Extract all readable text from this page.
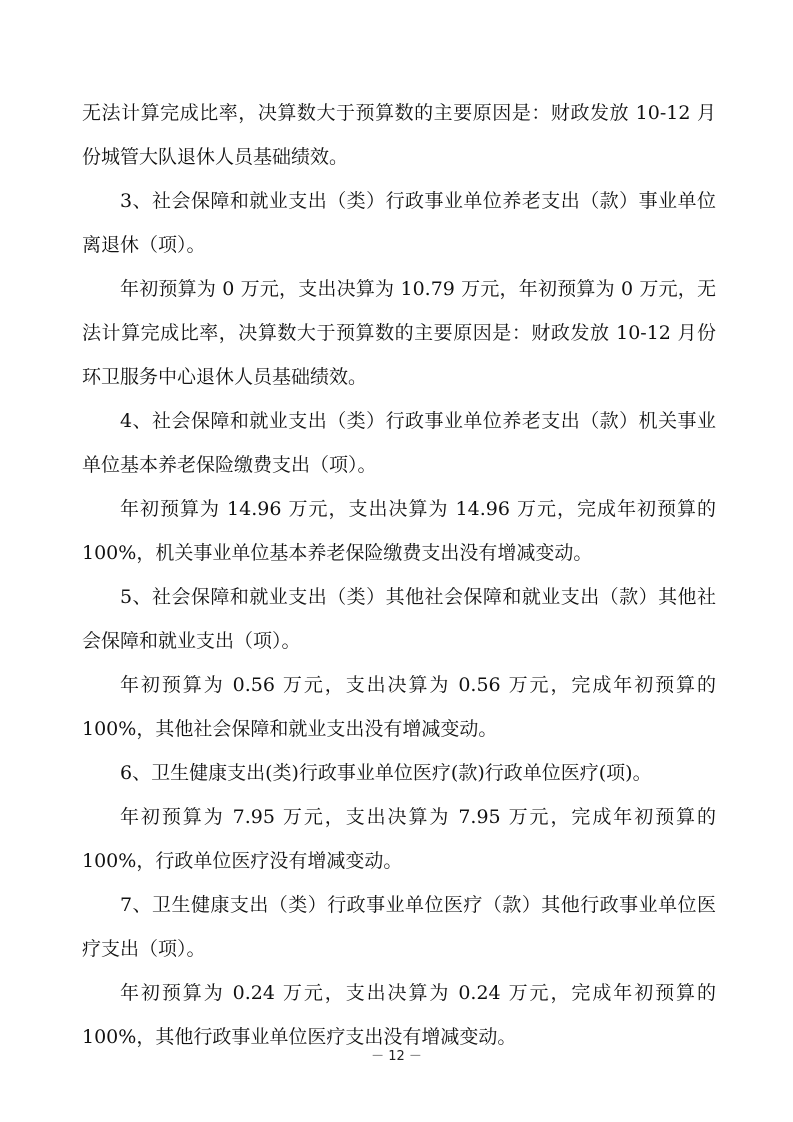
无法计算完成比率，决算数大于预算数的主要原因是：财政发放 10-12 月份城管大队退休人员基础绩效。

3、社会保障和就业支出（类）行政事业单位养老支出（款）事业单位离退休（项）。

年初预算为 0 万元，支出决算为 10.79 万元，年初预算为 0 万元，无法计算完成比率，决算数大于预算数的主要原因是：财政发放 10-12 月份环卫服务中心退休人员基础绩效。

4、社会保障和就业支出（类）行政事业单位养老支出（款）机关事业单位基本养老保险缴费支出（项）。

年初预算为 14.96 万元，支出决算为 14.96 万元，完成年初预算的 100%，机关事业单位基本养老保险缴费支出没有增减变动。

5、社会保障和就业支出（类）其他社会保障和就业支出（款）其他社会保障和就业支出（项）。

年初预算为 0.56 万元，支出决算为 0.56 万元，完成年初预算的 100%，其他社会保障和就业支出没有增减变动。

6、卫生健康支出(类)行政事业单位医疗(款)行政单位医疗(项)。

年初预算为 7.95 万元，支出决算为 7.95 万元，完成年初预算的 100%，行政单位医疗没有增减变动。

7、卫生健康支出（类）行政事业单位医疗（款）其他行政事业单位医疗支出（项）。

年初预算为 0.24 万元，支出决算为 0.24 万元，完成年初预算的 100%，其他行政事业单位医疗支出没有增减变动。

－ 12 －
